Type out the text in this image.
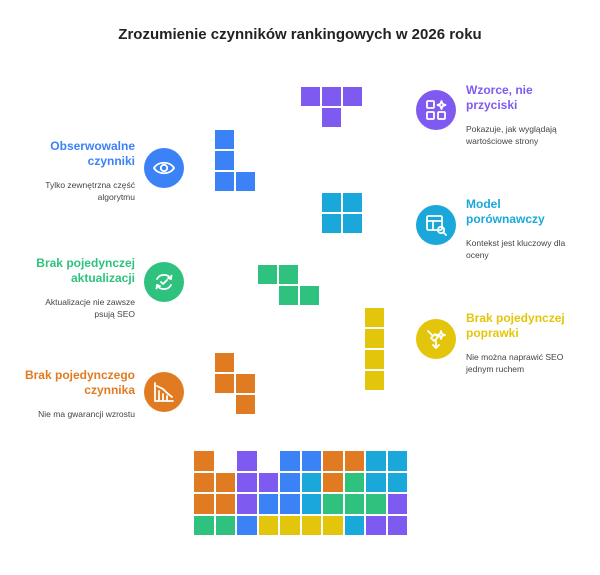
Zrozumienie czynników rankingowych w 2026 roku
Obserwowalne czynniki
Tylko zewnętrzna część algorytmu
Brak pojedynczej aktualizacji
Aktualizacje nie zawsze psują SEO
Brak pojedynczego czynnika
Nie ma gwarancji wzrostu
Wzorce, nie przyciski
Pokazuje, jak wyglądają wartościowe strony
Model porównawczy
Kontekst jest kluczowy dla oceny
Brak pojedynczej poprawki
Nie można naprawić SEO jednym ruchem
